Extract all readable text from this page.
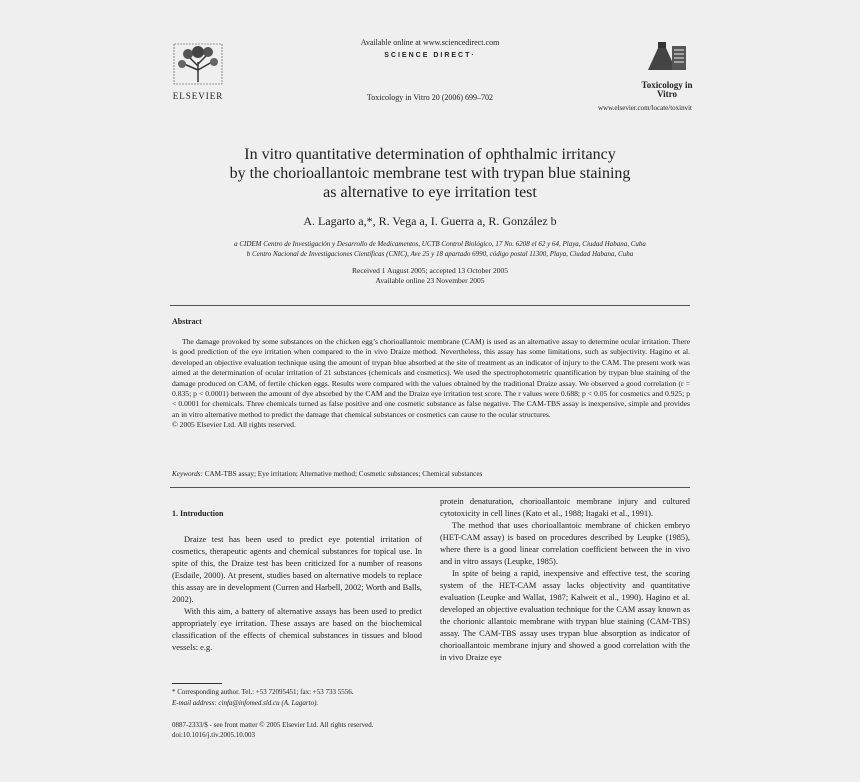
ELSEVIER
Available online at www.sciencedirect.com
SCIENCE DIRECT·
Toxicology in Vitro 20 (2006) 699–702
Toxicology in Vitro
www.elsevier.com/locate/toxinvit
In vitro quantitative determination of ophthalmic irritancy
by the chorioallantoic membrane test with trypan blue staining
as alternative to eye irritation test
A. Lagarto a,*, R. Vega a, I. Guerra a, R. González b
a CIDEM Centro de Investigación y Desarrollo de Medicamentos, UCTB Control Biológico, 17 No. 6208 el 62 y 64, Playa, Ciudad Habana, Cuba
b Centro Nacional de Investigaciones Científicas (CNIC), Ave 25 y 18 apartado 6990, código postal 11300, Playa, Ciudad Habana, Cuba
Received 1 August 2005; accepted 13 October 2005
Available online 23 November 2005
Abstract

The damage provoked by some substances on the chicken egg’s chorioallantoic membrane (CAM) is used as an alternative assay to determine ocular irritation. There is good prediction of the eye irritation when compared to the in vivo Draize method. Nevertheless, this assay has some limitations, such as subjectivity. Hagino et al. developed an objective evaluation technique using the amount of trypan blue absorbed at the site of treatment as an indicator of injury to the CAM. The present work was aimed at the determination of ocular irritation of 21 substances (chemicals and cosmetics). We used the spectrophotometric quantification by trypan blue staining of the damage produced on CAM, of fertile chicken eggs. Results were compared with the values obtained by the traditional Draize assay. We observed a good correlation (r = 0.835; p < 0.0001) between the amount of dye absorbed by the CAM and the Draize eye irritation test score. The r values were 0.688; p < 0.05 for cosmetics and 0.925; p < 0.0001 for chemicals. Three chemicals turned as false positive and one cosmetic substance as false negative. The CAM-TBS assay is inexpensive, simple and provides an in vitro alternative method to predict the damage that chemical substances or cosmetics can cause to the ocular structures.

© 2005 Elsevier Ltd. All rights reserved.

Keywords: CAM-TBS assay; Eye irritation; Alternative method; Cosmetic substances; Chemical substances

1. Introduction

Draize test has been used to predict eye potential irritation of cosmetics, therapeutic agents and chemical substances for topical use. In spite of this, the Draize test has been criticized for a number of reasons (Esdaile, 2000). At present, studies based on alternative models to replace this assay are in development (Curren and Harbell, 2002; Worth and Balls, 2002).

With this aim, a battery of alternative assays has been used to predict appropriately eye irritation. These assays are based on the biochemical classification of the effects of chemical substances in tissues and blood vessels: e.g.

protein denaturation, chorioallantoic membrane injury and cultured cytotoxicity in cell lines (Kato et al., 1988; Itagaki et al., 1991).

The method that uses chorioallantoic membrane of chicken embryo (HET-CAM assay) is based on procedures described by Leupke (1985), where there is a good linear correlation coefficient between the in vivo and in vitro assays (Leupke, 1985).

In spite of being a rapid, inexpensive and effective test, the scoring system of the HET-CAM assay lacks objectivity and quantitative evaluation (Leupke and Wallat, 1987; Kalweit et al., 1990). Hagino et al. developed an objective evaluation technique for the CAM assay known as the chorionic allantoic membrane with trypan blue staining (CAM-TBS) assay. The CAM-TBS assay uses trypan blue absorption as indicator of chorioallantoic membrane injury and showed a good correlation with the in vivo Draize eye

* Corresponding author. Tel.: +53 72095451; fax: +53 733 5556.
E-mail address: cinfa@infomed.sld.cu (A. Lagarto).
0887-2333/$ - see front matter © 2005 Elsevier Ltd. All rights reserved.
doi:10.1016/j.tiv.2005.10.003
